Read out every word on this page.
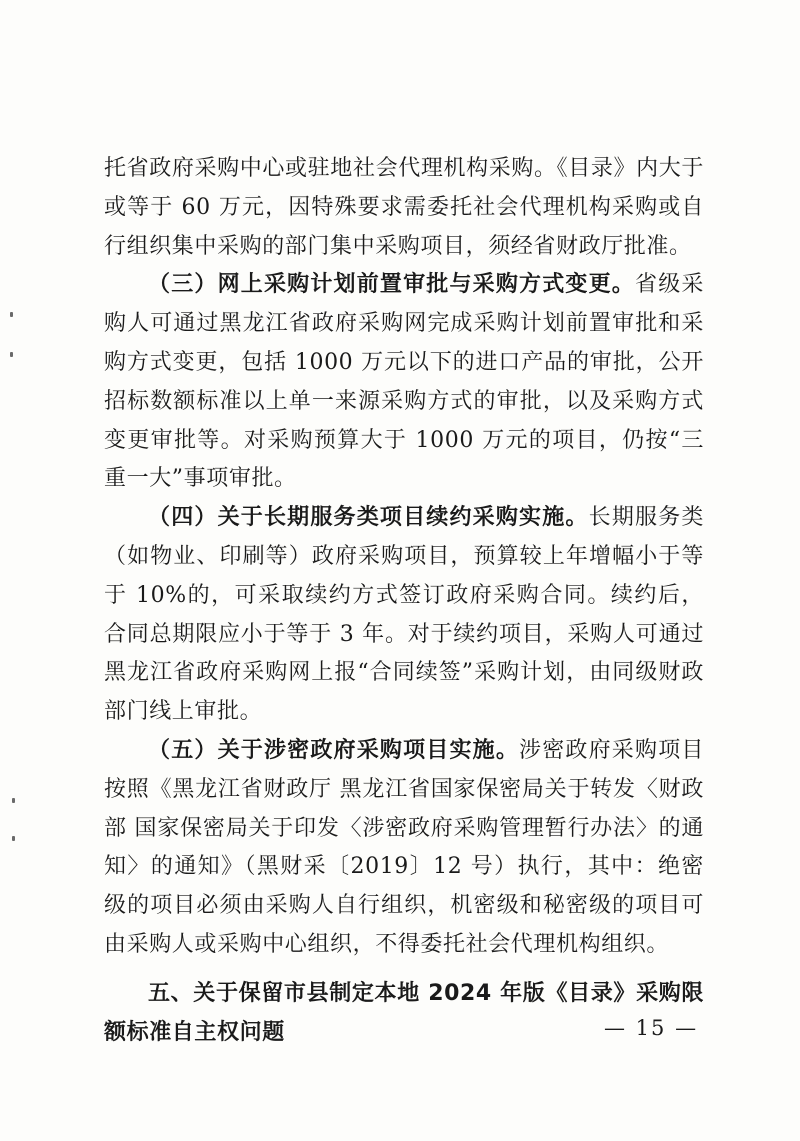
托省政府采购中心或驻地社会代理机构采购。《目录》内大于或等于 60 万元，因特殊要求需委托社会代理机构采购或自行组织集中采购的部门集中采购项目，须经省财政厅批准。

（三）网上采购计划前置审批与采购方式变更。省级采购人可通过黑龙江省政府采购网完成采购计划前置审批和采购方式变更，包括 1000 万元以下的进口产品的审批，公开招标数额标准以上单一来源采购方式的审批，以及采购方式变更审批等。对采购预算大于 1000 万元的项目，仍按“三重一大”事项审批。

（四）关于长期服务类项目续约采购实施。长期服务类（如物业、印刷等）政府采购项目，预算较上年增幅小于等于 10%的，可采取续约方式签订政府采购合同。续约后，合同总期限应小于等于 3 年。对于续约项目，采购人可通过黑龙江省政府采购网上报“合同续签”采购计划，由同级财政部门线上审批。

（五）关于涉密政府采购项目实施。涉密政府采购项目按照《黑龙江省财政厅 黑龙江省国家保密局关于转发〈财政部 国家保密局关于印发〈涉密政府采购管理暂行办法〉的通知〉的通知》（黑财采〔2019〕12 号）执行，其中：绝密级的项目必须由采购人自行组织，机密级和秘密级的项目可由采购人或采购中心组织，不得委托社会代理机构组织。

五、关于保留市县制定本地 2024 年版《目录》采购限额标准自主权问题	— 15 —
